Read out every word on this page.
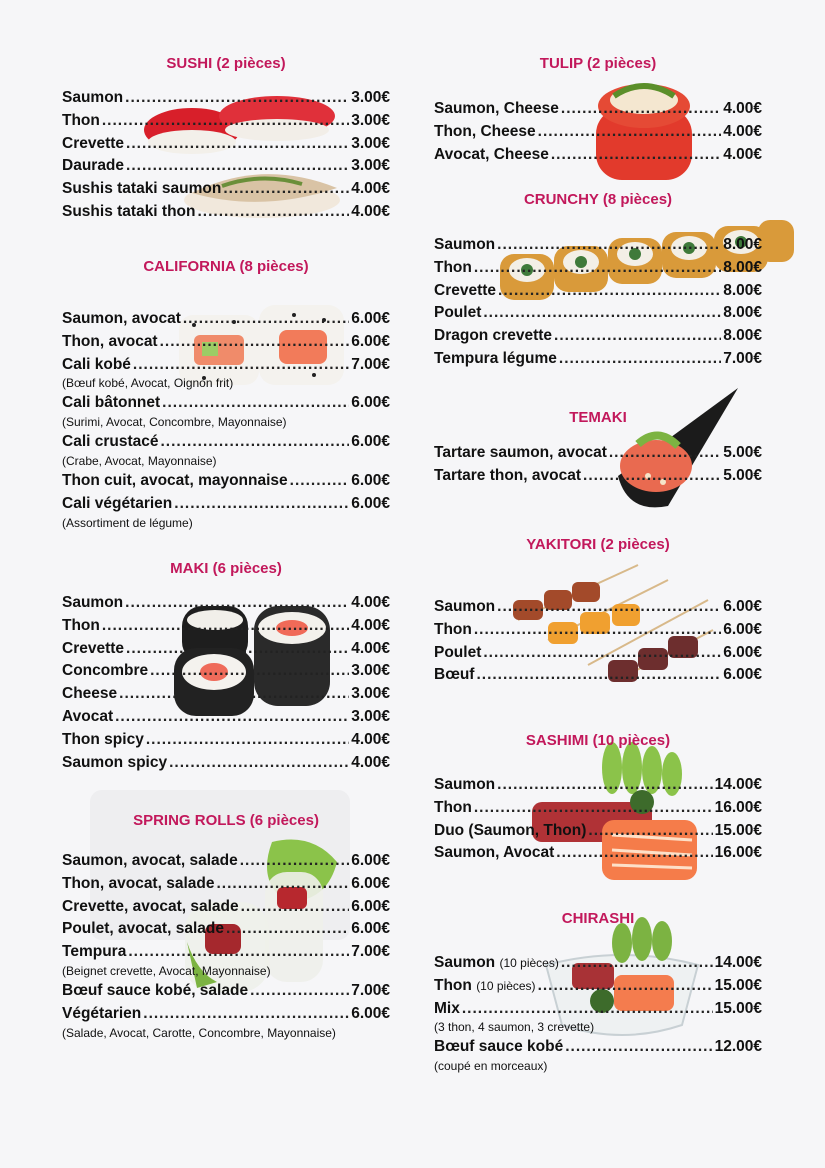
SUSHI (2 pièces)
Saumon .....	3.00€
Thon .....	3.00€
Crevette .....	3.00€
Daurade .....	3.00€
Sushis tataki saumon .....	4.00€
Sushis tataki thon .....	4.00€
CALIFORNIA (8 pièces)
Saumon, avocat .....	6.00€
Thon, avocat .....	6.00€
Cali kobé .....	7.00€
(Bœuf kobé, Avocat, Oignon frit)
Cali bâtonnet .....	6.00€
(Surimi, Avocat, Concombre, Mayonnaise)
Cali crustacé .....	6.00€
(Crabe, Avocat, Mayonnaise)
Thon cuit, avocat, mayonnaise .....	6.00€
Cali végétarien .....	6.00€
(Assortiment de légume)
MAKI (6 pièces)
Saumon .....	4.00€
Thon .....	4.00€
Crevette .....	4.00€
Concombre .....	3.00€
Cheese .....	3.00€
Avocat .....	3.00€
Thon spicy .....	4.00€
Saumon spicy .....	4.00€
SPRING ROLLS (6 pièces)
Saumon, avocat, salade .....	6.00€
Thon, avocat, salade .....	6.00€
Crevette, avocat, salade .....	6.00€
Poulet, avocat, salade .....	6.00€
Tempura .....	7.00€
(Beignet crevette, Avocat, Mayonnaise)
Bœuf sauce kobé, salade .....	7.00€
Végétarien .....	6.00€
(Salade, Avocat, Carotte, Concombre, Mayonnaise)
TULIP (2 pièces)
Saumon, Cheese .....	4.00€
Thon, Cheese .....	4.00€
Avocat, Cheese .....	4.00€
CRUNCHY (8 pièces)
Saumon .....	8.00€
Thon .....	8.00€
Crevette .....	8.00€
Poulet .....	8.00€
Dragon crevette .....	8.00€
Tempura légume .....	7.00€
TEMAKI
Tartare saumon, avocat .....	5.00€
Tartare thon, avocat .....	5.00€
YAKITORI (2 pièces)
Saumon .....	6.00€
Thon .....	6.00€
Poulet .....	6.00€
Bœuf .....	6.00€
SASHIMI (10 pièces)
Saumon .....	14.00€
Thon .....	16.00€
Duo (Saumon, Thon) .....	15.00€
Saumon, Avocat .....	16.00€
CHIRASHI
Saumon (10 pièces) .....	14.00€
Thon (10 pièces) .....	15.00€
Mix .....	15.00€
(3 thon, 4 saumon, 3 crevette)
Bœuf sauce kobé .....	12.00€
(coupé en morceaux)
